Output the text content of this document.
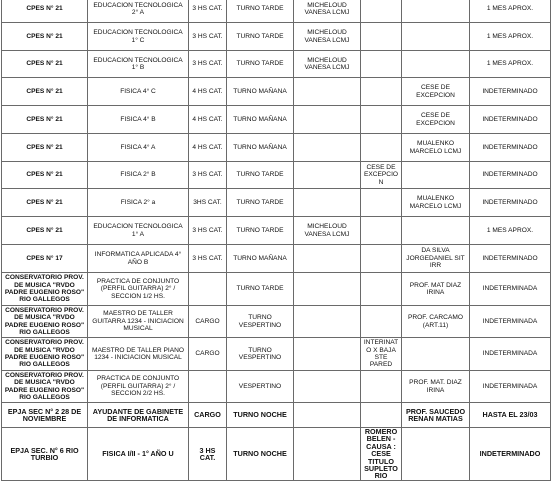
CPES N° 21	EDUCACION TECNOLOGICA 2° A	3 HS CAT.	TURNO TARDE	MICHELOUD VANESA LCMJ			1 MES APROX.
CPES N° 21	EDUCACION TECNOLOGICA 1° C	3 HS CAT.	TURNO TARDE	MICHELOUD VANESA LCMJ			1 MES APROX.
CPES N° 21	EDUCACION TECNOLOGICA 1° B	3 HS CAT.	TURNO TARDE	MICHELOUD VANESA LCMJ			1 MES APROX.
CPES N° 21	FISICA 4° C	4 HS CAT.	TURNO MAÑANA			CESE DE EXCEPCION	INDETERMINADO
CPES N° 21	FISICA 4° B	4 HS CAT.	TURNO MAÑANA			CESE DE EXCEPCION	INDETERMINADO
CPES N° 21	FISICA 4° A	4 HS CAT.	TURNO MAÑANA			MUALENKO MARCELO LCMJ	INDETERMINADO
CPES N° 21	FISICA 2° B	3 HS CAT.	TURNO TARDE		CESE DE EXCEPCION		INDETERMINADO
CPES N° 21	FISICA 2° a	3HS CAT.	TURNO TARDE			MUALENKO MARCELO LCMJ	INDETERMINADO
CPES N° 21	EDUCACION TECNOLOGICA 1° A	3 HS CAT.	TURNO TARDE	MICHELOUD VANESA LCMJ			1 MES APROX.
CPES N° 17	INFORMATICA APLICADA 4° AÑO B	3 HS CAT.	TURNO MAÑANA			DA SILVA JORGEDANIEL SIT IRR	INDETERMINADO
CONSERVATORIO PROV. DE MUSICA "RVDO PADRE EUGENIO ROSO" RIO GALLEGOS	PRACTICA DE CONJUNTO (PERFIL GUITARRA) 2° / SECCION 1/2 HS.		TURNO TARDE			PROF. MAT DIAZ IRINA	INDETERMINADA
CONSERVATORIO PROV. DE MUSICA "RVDO PADRE EUGENIO ROSO" RIO GALLEGOS	MAESTRO DE TALLER GUITARRA 1234 - INICIACION MUSICAL	CARGO	TURNO VESPERTINO			PROF. CARCAMO (ART.11)	INDETERMINADA
CONSERVATORIO PROV. DE MUSICA "RVDO PADRE EUGENIO ROSO" RIO GALLEGOS	MAESTRO DE TALLER PIANO 1234 - INICIACION MUSICAL	CARGO	TURNO VESPERTINO		INTERINATO X BAJA STE PARED		INDETERMINADA
CONSERVATORIO PROV. DE MUSICA "RVDO PADRE EUGENIO ROSO" RIO GALLEGOS	PRACTICA DE CONJUNTO (PERFIL GUITARRA) 2° / SECCION 2/2 HS.		VESPERTINO			PROF. MAT. DIAZ IRINA	INDETERMINADA
EPJA SEC N° 2 28 DE NOVIEMBRE	AYUDANTE DE GABINETE DE INFORMATICA	CARGO	TURNO NOCHE			PROF. SAUCEDO RENAN MATIAS	HASTA EL 23/03
EPJA SEC. N° 6 RIO TURBIO	FISICA I/II - 1° AÑO U	3 HS CAT.	TURNO NOCHE		ROMERO BELEN - CAUSA : CESE TITULO SUPLETORIO		INDETERMINADO
